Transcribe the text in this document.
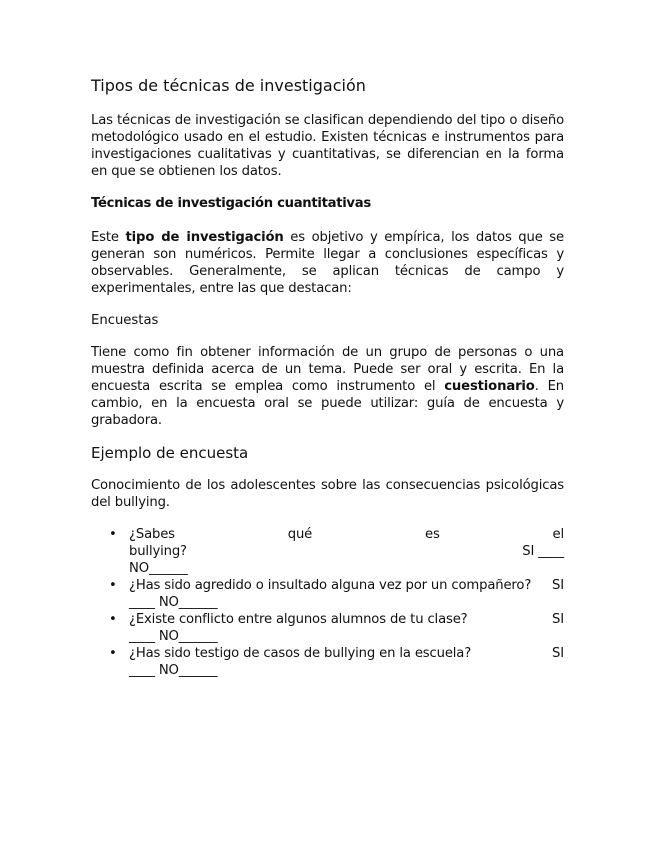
Tipos de técnicas de investigación

Las técnicas de investigación se clasifican dependiendo del tipo o diseño metodológico usado en el estudio. Existen técnicas e instrumentos para investigaciones cualitativas y cuantitativas, se diferencian en la forma en que se obtienen los datos.

Técnicas de investigación cuantitativas

Este tipo de investigación es objetivo y empírica, los datos que se generan son numéricos. Permite llegar a conclusiones específicas y observables. Generalmente, se aplican técnicas de campo y experimentales, entre las que destacan:

Encuestas

Tiene como fin obtener información de un grupo de personas o una muestra definida acerca de un tema. Puede ser oral y escrita. En la encuesta escrita se emplea como instrumento el cuestionario. En cambio, en la encuesta oral se puede utilizar: guía de encuesta y grabadora.

Ejemplo de encuesta

Conocimiento de los adolescentes sobre las consecuencias psicológicas del bullying.

• ¿Sabes	qué	es	el
bullying?	SI ____
NO______
• ¿Has sido agredido o insultado alguna vez por un compañero? SI
____ NO______
• ¿Existe conflicto entre algunos alumnos de tu clase?	SI
____ NO______
• ¿Has sido testigo de casos de bullying en la escuela?	SI
____ NO______
